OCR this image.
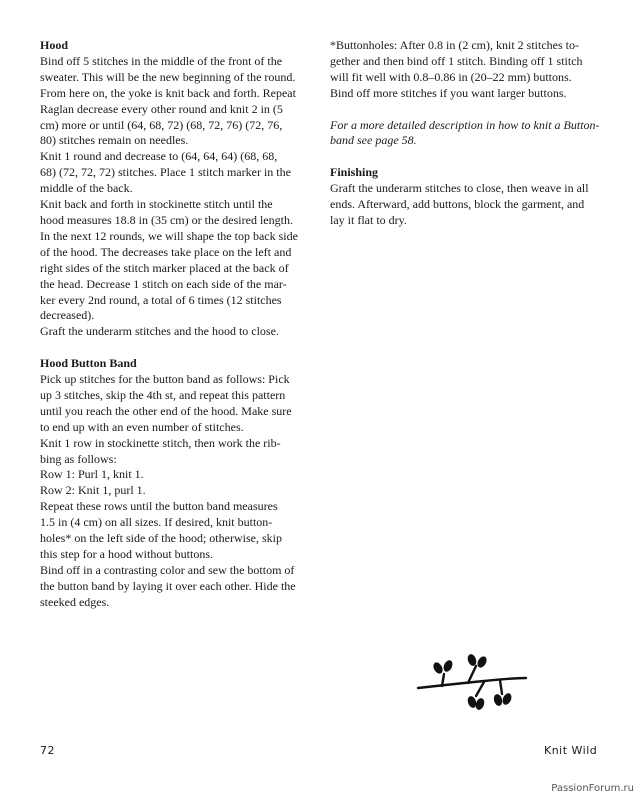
Hood

Bind off 5 stitches in the middle of the front of the

sweater. This will be the new beginning of the round.

From here on, the yoke is knit back and forth. Repeat

Raglan decrease every other round and knit 2 in (5

cm) more or until (64, 68, 72) (68, 72, 76) (72, 76,

80) stitches remain on needles.

Knit 1 round and decrease to (64, 64, 64) (68, 68,

68) (72, 72, 72) stitches. Place 1 stitch marker in the

middle of the back.

Knit back and forth in stockinette stitch until the

hood measures 18.8 in (35 cm) or the desired length.

In the next 12 rounds, we will shape the top back side

of the hood. The decreases take place on the left and

right sides of the stitch marker placed at the back of

the head. Decrease 1 stitch on each side of the mar-

ker every 2nd round, a total of 6 times (12 stitches

decreased).

Graft the underarm stitches and the hood to close.

Hood Button Band

Pick up stitches for the button band as follows: Pick

up 3 stitches, skip the 4th st, and repeat this pattern

until you reach the other end of the hood. Make sure

to end up with an even number of stitches.

Knit 1 row in stockinette stitch, then work the rib-

bing as follows:

Row 1: Purl 1, knit 1.

Row 2: Knit 1, purl 1.

Repeat these rows until the button band measures

1.5 in (4 cm) on all sizes. If desired, knit button-

holes* on the left side of the hood; otherwise, skip

this step for a hood without buttons.

Bind off in a contrasting color and sew the bottom of

the button band by laying it over each other. Hide the

steeked edges.

*Buttonholes: After 0.8 in (2 cm), knit 2 stitches to-

gether and then bind off 1 stitch. Binding off 1 stitch

will fit well with 0.8–0.86 in (20–22 mm) buttons.

Bind off more stitches if you want larger buttons.

For a more detailed description in how to knit a Button-

band see page 58.

Finishing

Graft the underarm stitches to close, then weave in all

ends. Afterward, add buttons, block the garment, and

lay it flat to dry.

72	Knit Wild
PassionForum.ru
